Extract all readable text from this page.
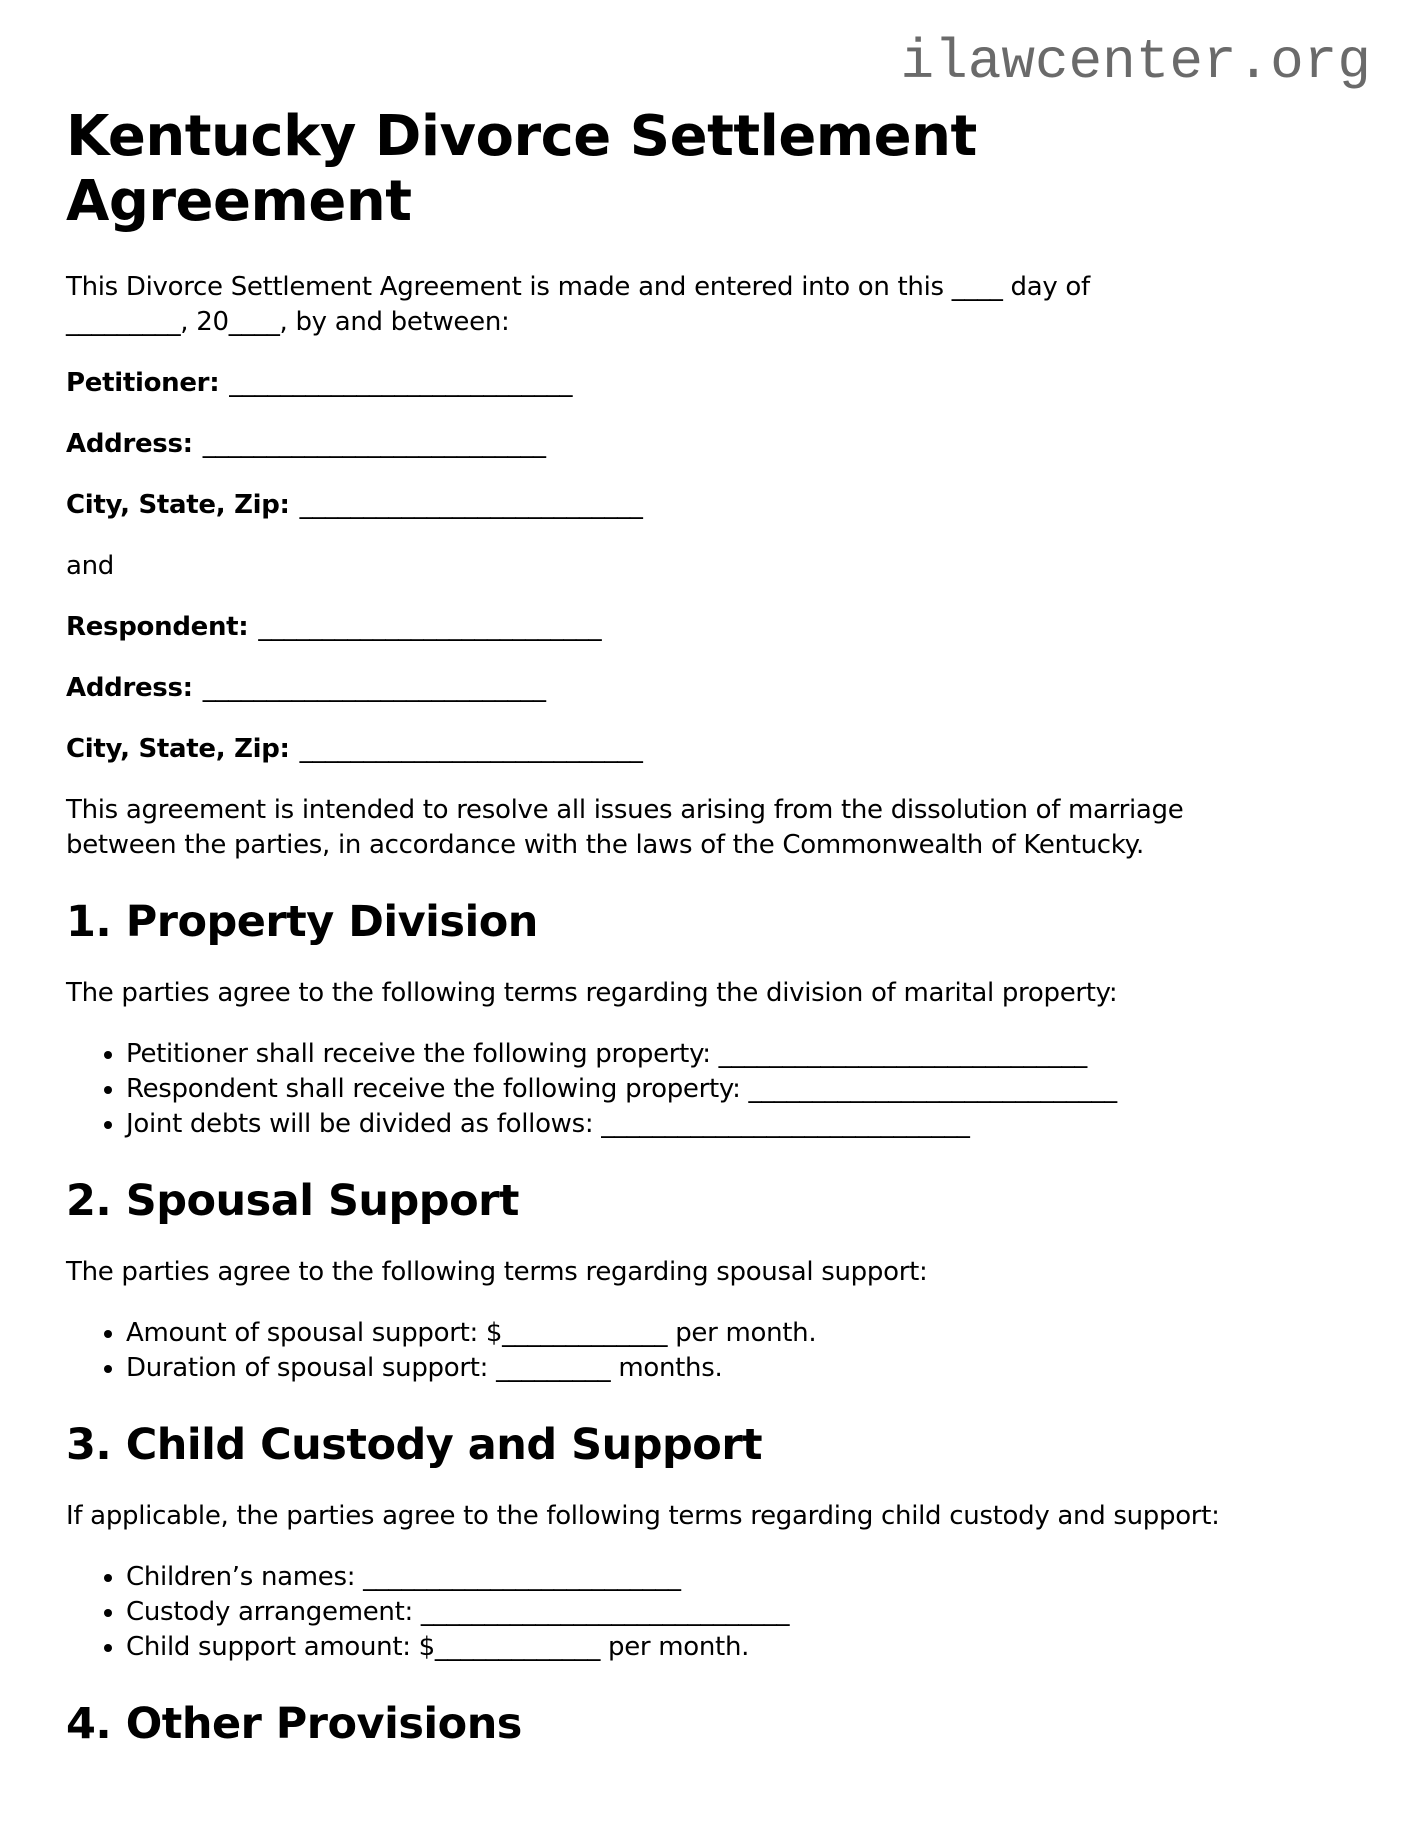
ilawcenter.org
Kentucky Divorce Settlement
Agreement

This Divorce Settlement Agreement is made and entered into on this ____ day of
_________, 20____, by and between:

Petitioner: ___________________________

Address: ___________________________

City, State, Zip: ___________________________

and

Respondent: ___________________________

Address: ___________________________

City, State, Zip: ___________________________

This agreement is intended to resolve all issues arising from the dissolution of marriage
between the parties, in accordance with the laws of the Commonwealth of Kentucky.

1. Property Division

The parties agree to the following terms regarding the division of marital property:

• Petitioner shall receive the following property: _____________________________
• Respondent shall receive the following property: _____________________________
• Joint debts will be divided as follows: _____________________________
2. Spousal Support

The parties agree to the following terms regarding spousal support:

• Amount of spousal support: $_____________ per month.
• Duration of spousal support: _________ months.
3. Child Custody and Support

If applicable, the parties agree to the following terms regarding child custody and support:

• Children’s names: _________________________
• Custody arrangement: _____________________________
• Child support amount: $_____________ per month.
4. Other Provisions
